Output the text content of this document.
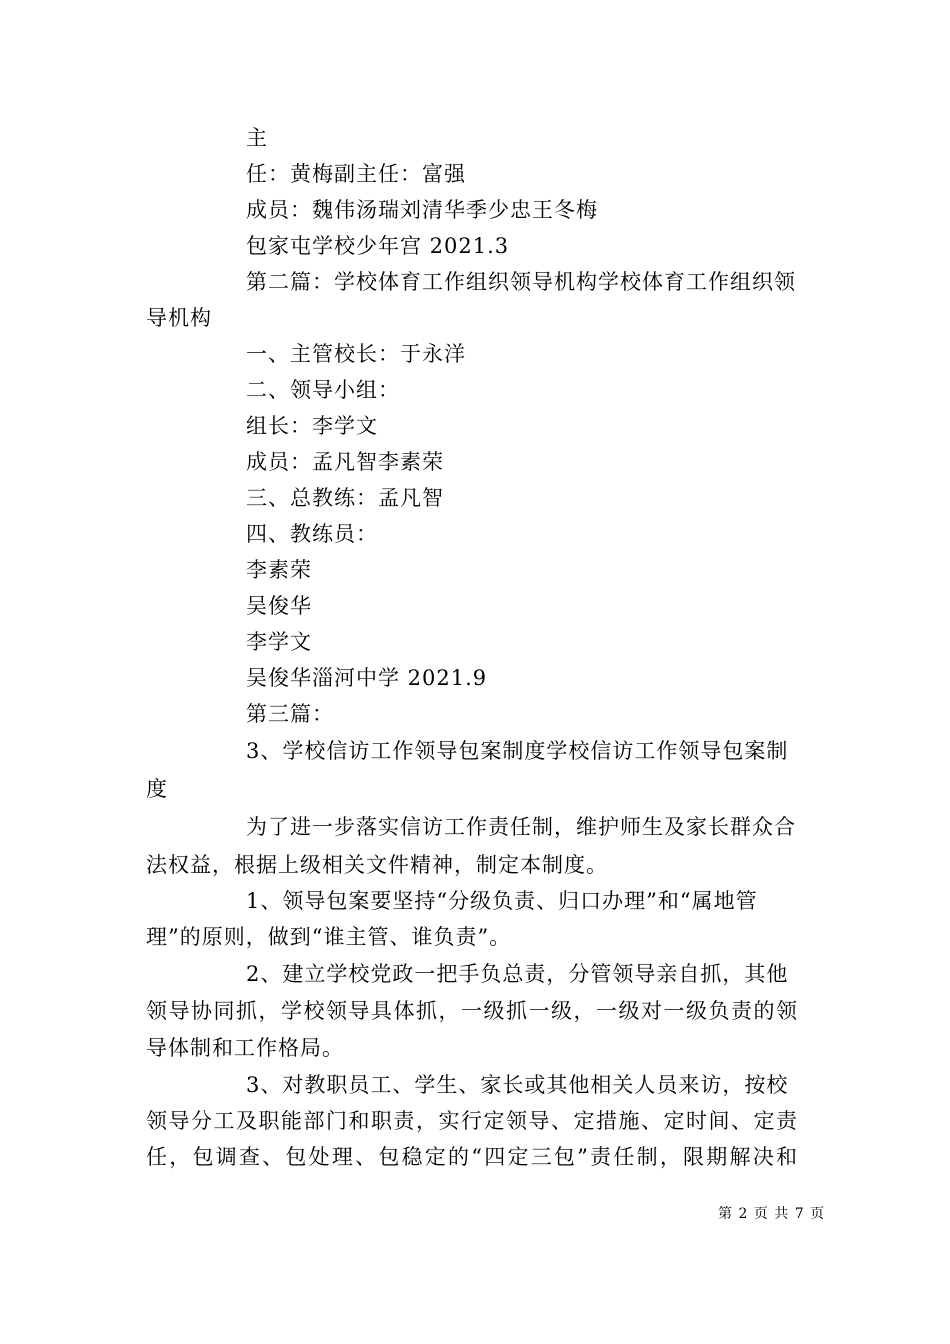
主
任：黄梅副主任：富强
成员：魏伟汤瑞刘清华季少忠王冬梅
包家屯学校少年宫 2021.3
第二篇：学校体育工作组织领导机构学校体育工作组织领
导机构
一、主管校长：于永洋
二、领导小组：
组长：李学文
成员：孟凡智李素荣
三、总教练：孟凡智
四、教练员：
李素荣
吴俊华
李学文
吴俊华淄河中学 2021.9
第三篇：
3、学校信访工作领导包案制度学校信访工作领导包案制
度
为了进一步落实信访工作责任制，维护师生及家长群众合
法权益，根据上级相关文件精神，制定本制度。
1、领导包案要坚持“分级负责、归口办理”和“属地管
理”的原则，做到“谁主管、谁负责”。
2、建立学校党政一把手负总责，分管领导亲自抓，其他
领导协同抓，学校领导具体抓，一级抓一级，一级对一级负责的领
导体制和工作格局。
3、对教职员工、学生、家长或其他相关人员来访，按校
领导分工及职能部门和职责，实行定领导、定措施、定时间、定责
任，包调查、包处理、包稳定的“四定三包”责任制，限期解决和
第 2 页 共 7 页
